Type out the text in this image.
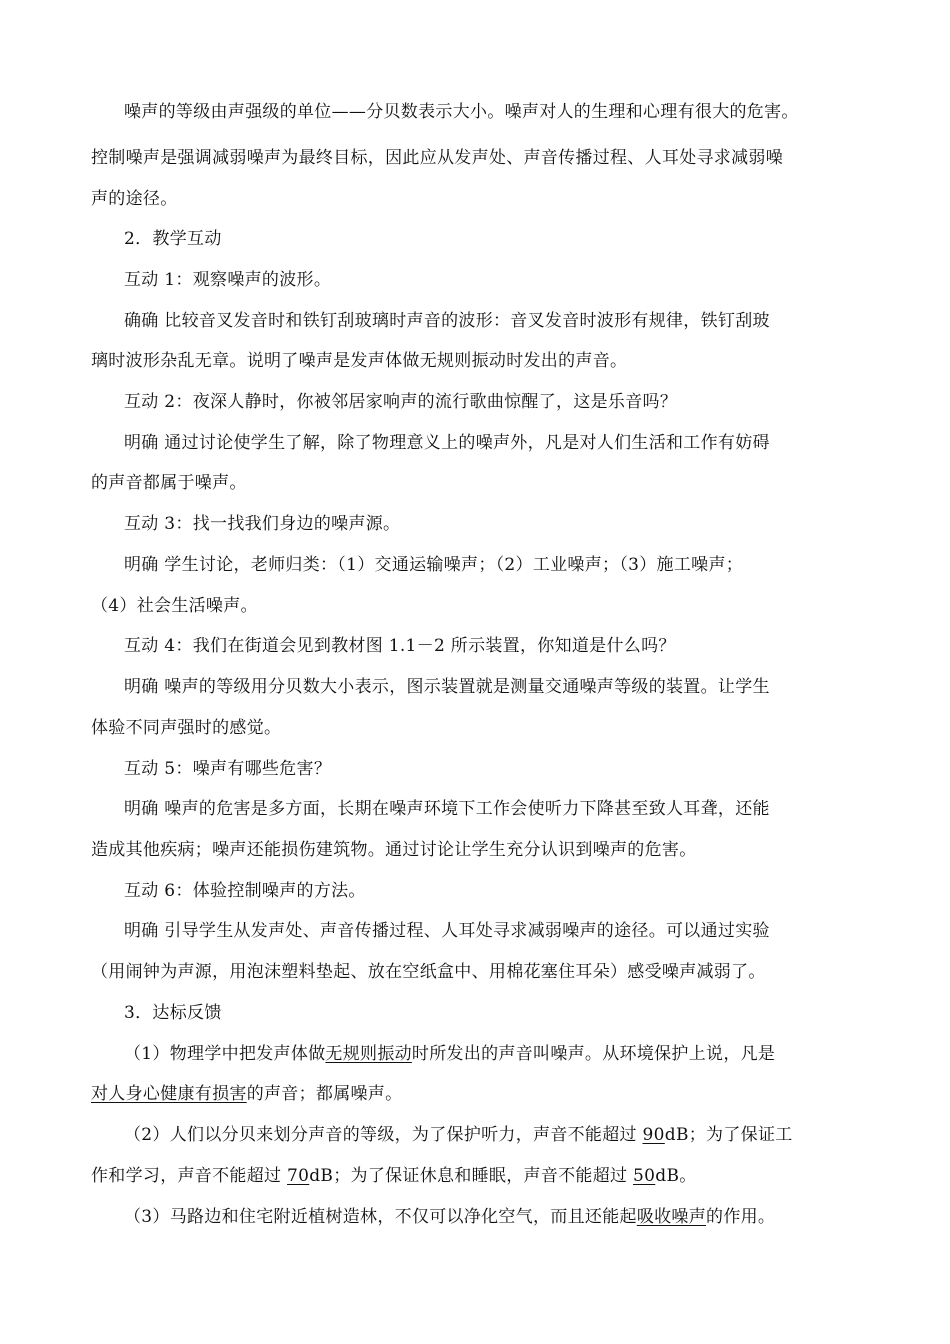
噪声的等级由声强级的单位——分贝数表示大小。噪声对人的生理和心理有很大的危害。
控制噪声是强调减弱噪声为最终目标，因此应从发声处、声音传播过程、人耳处寻求减弱噪
声的途径。
2．教学互动
互动 1：观察噪声的波形。
确确 比较音叉发音时和铁钉刮玻璃时声音的波形：音叉发音时波形有规律，铁钉刮玻
璃时波形杂乱无章。说明了噪声是发声体做无规则振动时发出的声音。
互动 2：夜深人静时，你被邻居家响声的流行歌曲惊醒了，这是乐音吗？
明确 通过讨论使学生了解，除了物理意义上的噪声外，凡是对人们生活和工作有妨碍
的声音都属于噪声。
互动 3：找一找我们身边的噪声源。
明确 学生讨论，老师归类：（1）交通运输噪声；（2）工业噪声；（3）施工噪声；
（4）社会生活噪声。
互动 4：我们在街道会见到教材图 1.1－2 所示装置，你知道是什么吗？
明确 噪声的等级用分贝数大小表示，图示装置就是测量交通噪声等级的装置。让学生
体验不同声强时的感觉。
互动 5：噪声有哪些危害？
明确 噪声的危害是多方面，长期在噪声环境下工作会使听力下降甚至致人耳聋，还能
造成其他疾病；噪声还能损伤建筑物。通过讨论让学生充分认识到噪声的危害。
互动 6：体验控制噪声的方法。
明确 引导学生从发声处、声音传播过程、人耳处寻求减弱噪声的途径。可以通过实验
（用闹钟为声源，用泡沫塑料垫起、放在空纸盒中、用棉花塞住耳朵）感受噪声减弱了。
3．达标反馈
（1）物理学中把发声体做无规则振动时所发出的声音叫噪声。从环境保护上说，凡是
对人身心健康有损害的声音；都属噪声。
（2）人们以分贝来划分声音的等级，为了保护听力，声音不能超过 90dB；为了保证工
作和学习，声音不能超过 70dB；为了保证休息和睡眠，声音不能超过 50dB。
（3）马路边和住宅附近植树造林，不仅可以净化空气，而且还能起吸收噪声的作用。
